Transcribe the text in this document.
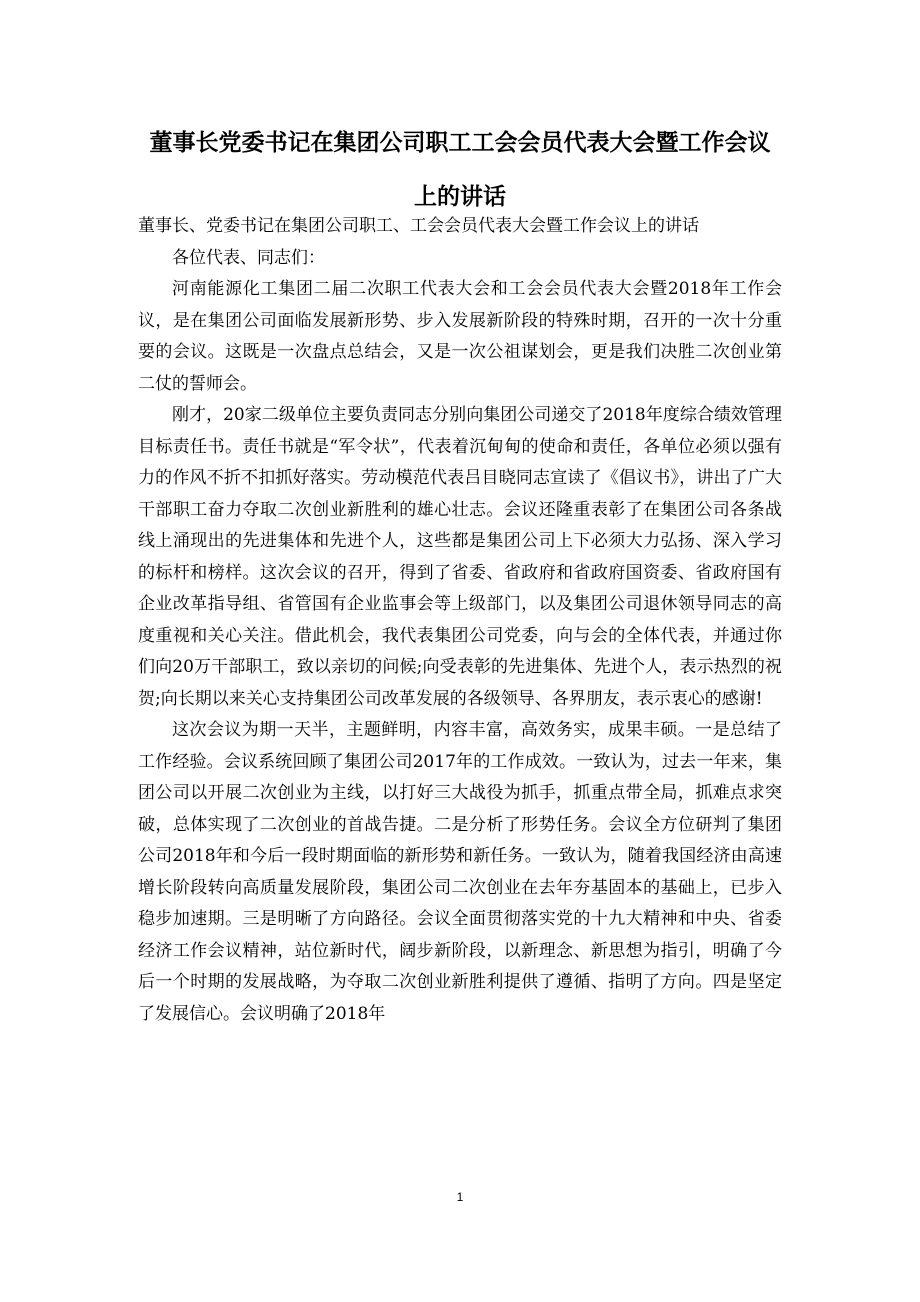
董事长党委书记在集团公司职工工会会员代表大会暨工作会议
上的讲话

董事长、党委书记在集团公司职工、工会会员代表大会暨工作会议上的讲话

各位代表、同志们：

河南能源化工集团二届二次职工代表大会和工会会员代表大会暨2018年工作会议，是在集团公司面临发展新形势、步入发展新阶段的特殊时期，召开的一次十分重要的会议。这既是一次盘点总结会，又是一次公祖谋划会，更是我们决胜二次创业第二仗的誓师会。

刚才，20家二级单位主要负责同志分别向集团公司递交了2018年度综合绩效管理目标责任书。责任书就是“军令状”，代表着沉甸甸的使命和责任，各单位必须以强有力的作风不折不扣抓好落实。劳动模范代表吕目晓同志宣读了《倡议书》，讲出了广大干部职工奋力夺取二次创业新胜利的雄心壮志。会议还隆重表彰了在集团公司各条战线上涌现出的先进集体和先进个人，这些都是集团公司上下必须大力弘扬、深入学习的标杆和榜样。这次会议的召开，得到了省委、省政府和省政府国资委、省政府国有企业改革指导组、省管国有企业监事会等上级部门，以及集团公司退休领导同志的高度重视和关心关注。借此机会，我代表集团公司党委，向与会的全体代表，并通过你们向20万干部职工，致以亲切的问候;向受表彰的先进集体、先进个人，表示热烈的祝贺;向长期以来关心支持集团公司改革发展的各级领导、各界朋友，表示衷心的感谢!

这次会议为期一天半，主题鲜明，内容丰富，高效务实，成果丰硕。一是总结了工作经验。会议系统回顾了集团公司2017年的工作成效。一致认为，过去一年来，集团公司以开展二次创业为主线，以打好三大战役为抓手，抓重点带全局，抓难点求突破，总体实现了二次创业的首战告捷。二是分析了形势任务。会议全方位研判了集团公司2018年和今后一段时期面临的新形势和新任务。一致认为，随着我国经济由高速增长阶段转向高质量发展阶段，集团公司二次创业在去年夯基固本的基础上，已步入稳步加速期。三是明晰了方向路径。会议全面贯彻落实党的十九大精神和中央、省委经济工作会议精神，站位新时代，阔步新阶段，以新理念、新思想为指引，明确了今后一个时期的发展战略，为夺取二次创业新胜利提供了遵循、指明了方向。四是坚定了发展信心。会议明确了2018年

1
